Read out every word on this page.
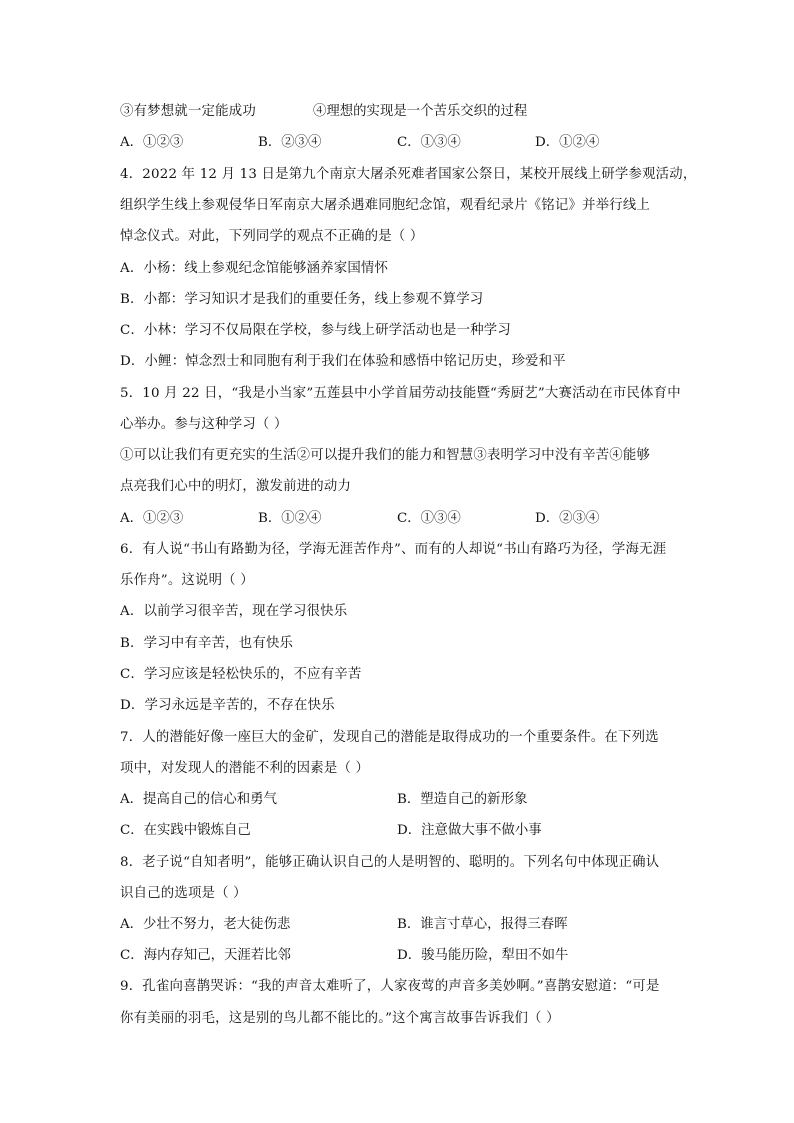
③有梦想就一定能成功	④理想的实现是一个苦乐交织的过程
A．①②③	B．②③④	C．①③④	D．①②④
4．2022 年 12 月 13 日是第九个南京大屠杀死难者国家公祭日，某校开展线上研学参观活动，
组织学生线上参观侵华日军南京大屠杀遇难同胞纪念馆，观看纪录片《铭记》并举行线上
悼念仪式。对此，下列同学的观点不正确的是（ ）
A．小杨：线上参观纪念馆能够涵养家国情怀
B．小都：学习知识才是我们的重要任务，线上参观不算学习
C．小林：学习不仅局限在学校，参与线上研学活动也是一种学习
D．小鲤：悼念烈士和同胞有利于我们在体验和感悟中铭记历史，珍爱和平
5．10 月 22 日，“我是小当家”五莲县中小学首届劳动技能暨“秀厨艺”大赛活动在市民体育中
心举办。参与这种学习（ ）
①可以让我们有更充实的生活②可以提升我们的能力和智慧③表明学习中没有辛苦④能够
点亮我们心中的明灯，激发前进的动力
A．①②③	B．①②④	C．①③④	D．②③④
6．有人说“书山有路勤为径，学海无涯苦作舟”、而有的人却说“书山有路巧为径，学海无涯
乐作舟”。这说明（ ）
A．以前学习很辛苦，现在学习很快乐
B．学习中有辛苦，也有快乐
C．学习应该是轻松快乐的，不应有辛苦
D．学习永远是辛苦的，不存在快乐
7．人的潜能好像一座巨大的金矿，发现自己的潜能是取得成功的一个重要条件。在下列选
项中，对发现人的潜能不利的因素是（ ）
A．提高自己的信心和勇气	B．塑造自己的新形象
C．在实践中锻炼自己	D．注意做大事不做小事
8．老子说“自知者明”，能够正确认识自己的人是明智的、聪明的。下列名句中体现正确认
识自己的选项是（ ）
A．少壮不努力，老大徒伤悲	B．谁言寸草心，报得三春晖
C．海内存知己，天涯若比邻	D．骏马能历险，犁田不如牛
9．孔雀向喜鹊哭诉：“我的声音太难听了，人家夜莺的声音多美妙啊。”喜鹊安慰道：“可是
你有美丽的羽毛，这是别的鸟儿都不能比的。”这个寓言故事告诉我们（ ）
